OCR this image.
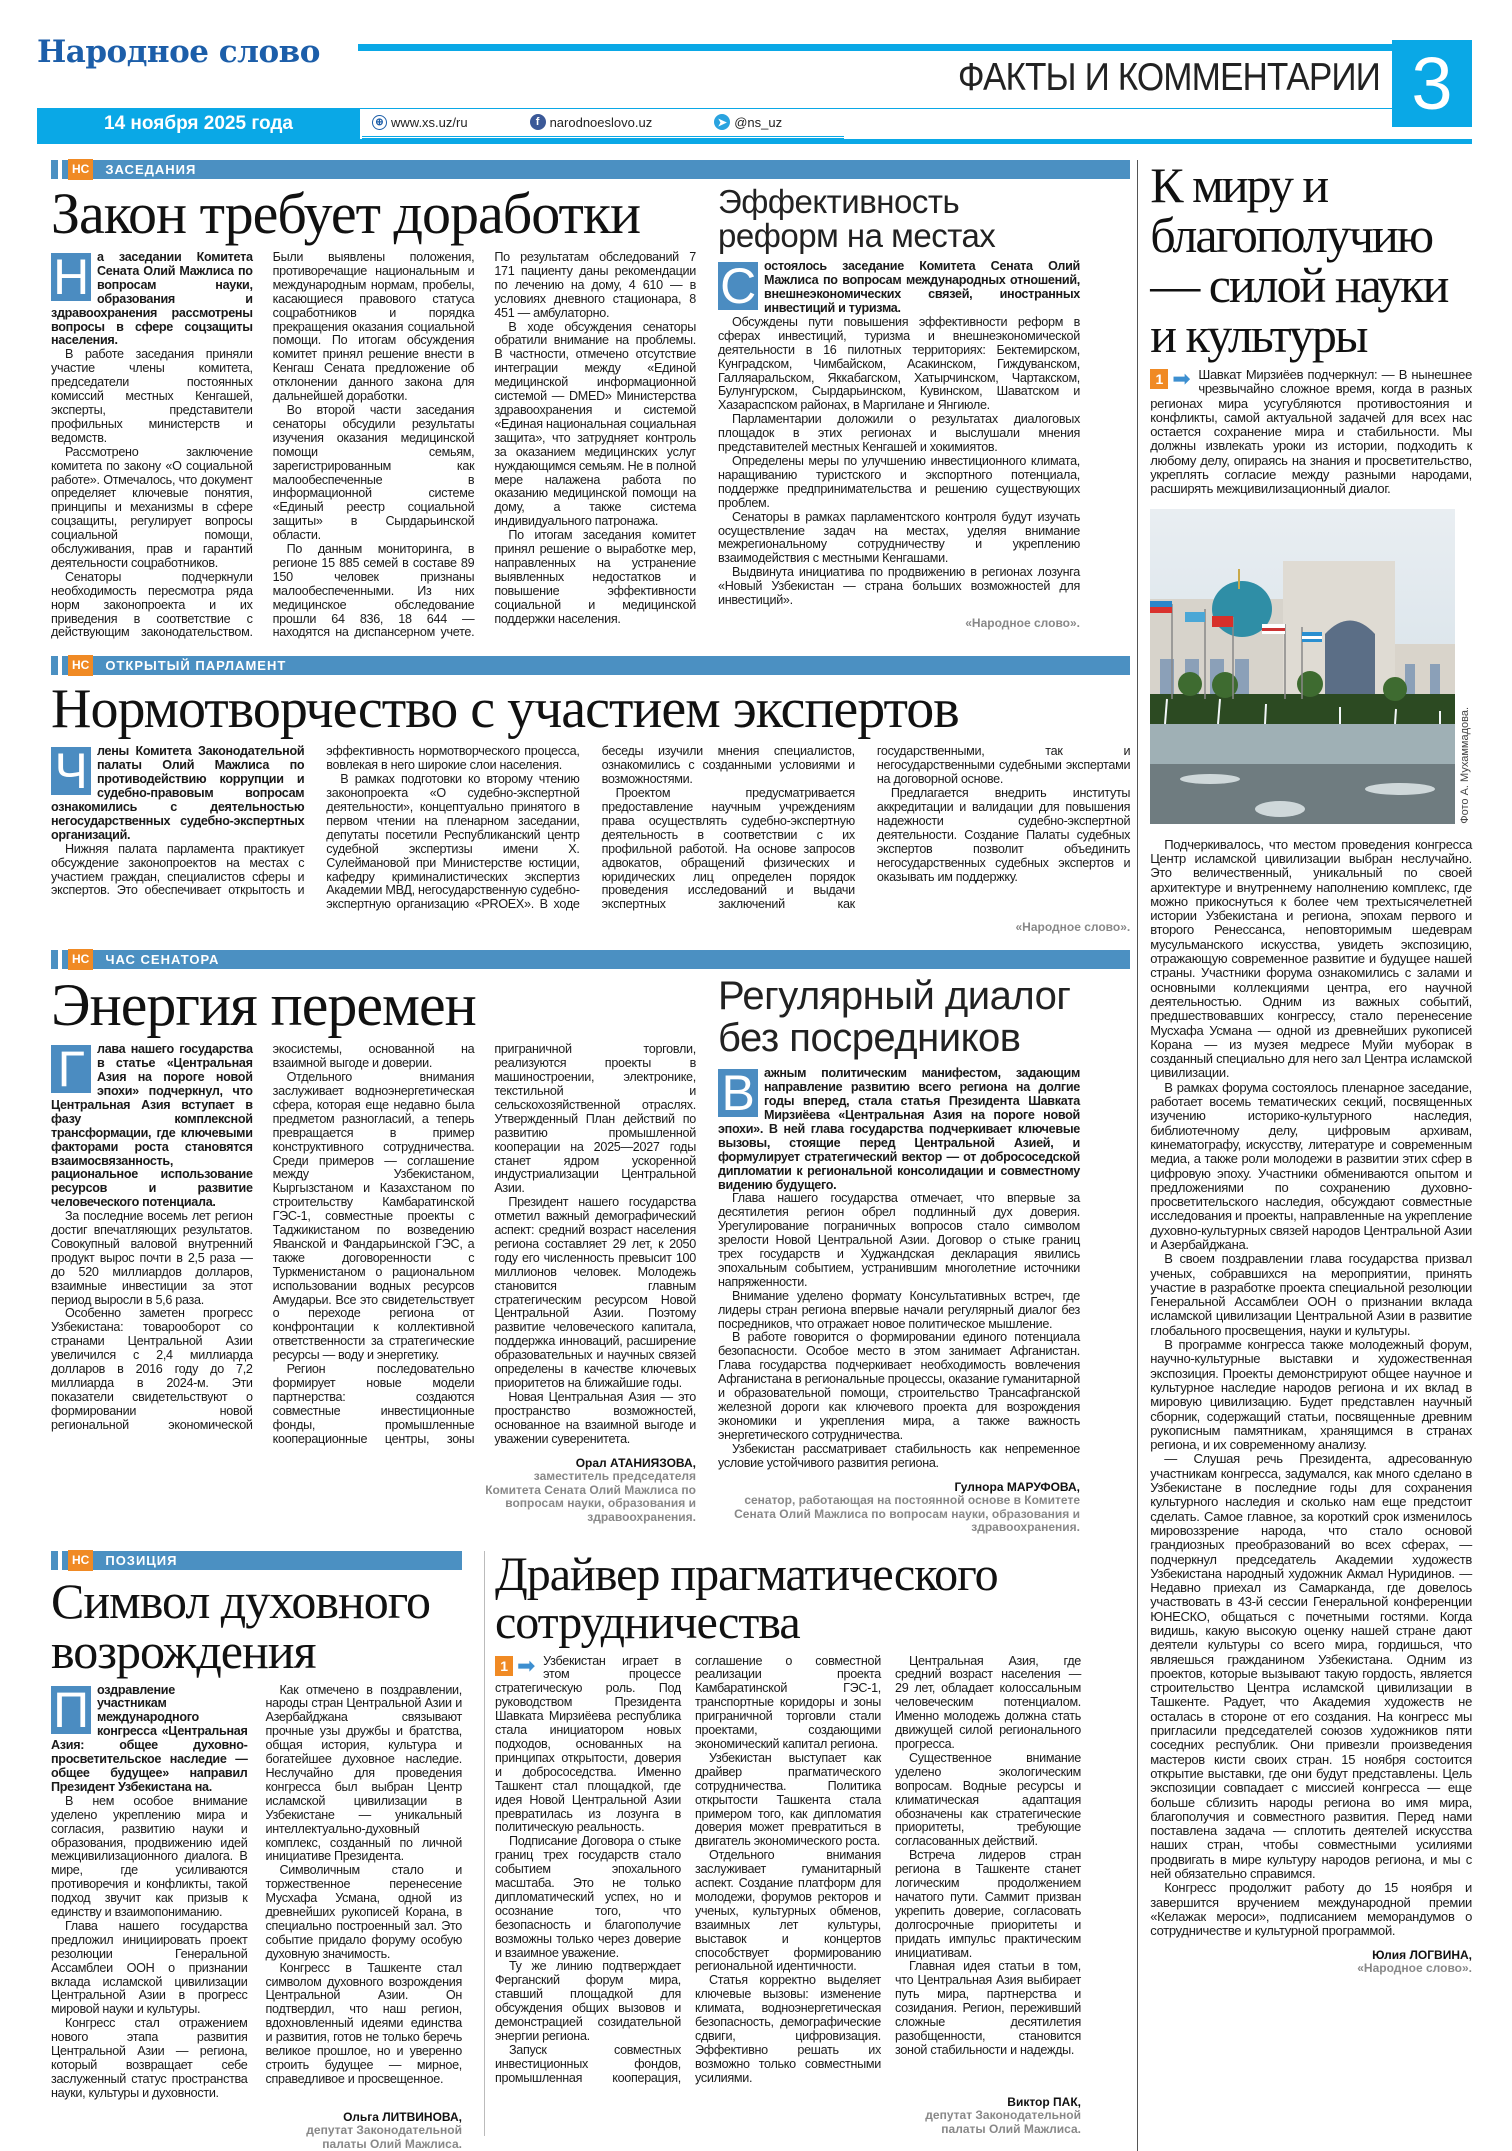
Народное слово
ФАКТЫ И КОММЕНТАРИИ 3
14 ноября 2025 года	⊕ www.xs.uz/ru	f narodnoeslovo.uz	➤ @ns_uz
НС	ЗАСЕДАНИЯ
Закон требует доработки

Н а заседании Комитета Сената Олий Мажлиса по вопросам науки, образования и здравоохранения рассмотрены вопросы в сфере соцзащиты населения.

В работе заседания приняли участие члены комитета, председатели постоянных комиссий местных Кенгашей, эксперты, представители профильных министерств и ведомств.

Рассмотрено заключение комитета по закону «О социальной работе». Отмечалось, что документ определяет ключевые понятия, принципы и механизмы в сфере соцзащиты, регулирует вопросы социальной помощи, обслуживания, прав и гарантий деятельности соцработников.

Сенаторы подчеркнули необходимость пересмотра ряда норм законопроекта и их приведения в соответствие с действующим законодательством. Были выявлены положения, противоречащие национальным и международным нормам, пробелы, касающиеся правового статуса соцработников и порядка прекращения оказания социальной помощи. По итогам обсуждения комитет принял решение внести в Кенгаш Сената предложение об отклонении данного закона для дальнейшей доработки.

Во второй части заседания сенаторы обсудили результаты изучения оказания медицинской помощи семьям, зарегистрированным как малообеспеченные в информационной системе «Единый реестр социальной защиты» в Сырдарьинской области.

По данным мониторинга, в регионе 15 885 семей в составе 89 150 человек признаны малообеспеченными. Из них медицинское обследование прошли 64 836, 18 644 — находятся на диспансерном учете. По результатам обследований 7 171 пациенту даны рекомендации по лечению на дому, 4 610 — в условиях дневного стационара, 8 451 — амбулаторно.

В ходе обсуждения сенаторы обратили внимание на проблемы. В частности, отмечено отсутствие интеграции между «Единой медицинской информационной системой — DMED» Министерства здравоохранения и системой «Единая национальная социальная защита», что затрудняет контроль за оказанием медицинских услуг нуждающимся семьям. Не в полной мере налажена работа по оказанию медицинской помощи на дому, а также система индивидуального патронажа.

По итогам заседания комитет принял решение о выработке мер, направленных на устранение выявленных недостатков и повышение эффективности социальной и медицинской поддержки населения.

Эффективность реформ на местах

С остоялось заседание Комитета Сената Олий Мажлиса по вопросам международных отношений, внешнеэкономических связей, иностранных инвестиций и туризма.

Обсуждены пути повышения эффективности реформ в сферах инвестиций, туризма и внешнеэкономической деятельности в 16 пилотных территориях: Бектемирском, Кунградском, Чимбайском, Асакинском, Гиждуванском, Галляаральском, Яккабагском, Хатырчинском, Чартакском, Булунгурском, Сырдарьинском, Кувинском, Шаватском и Хазараспском районах, в Маргилане и Янгиюле.

Парламентарии доложили о результатах диалоговых площадок в этих регионах и выслушали мнения представителей местных Кенгашей и хокимиятов.

Определены меры по улучшению инвестиционного климата, наращиванию туристского и экспортного потенциала, поддержке предпринимательства и решению существующих проблем.

Сенаторы в рамках парламентского контроля будут изучать осуществление задач на местах, уделяя внимание межрегиональному сотрудничеству и укреплению взаимодействия с местными Кенгашами.

Выдвинута инициатива по продвижению в регионах лозунга «Новый Узбекистан — страна больших возможностей для инвестиций».

«Народное слово».
НС	ОТКРЫТЫЙ ПАРЛАМЕНТ
Нормотворчество с участием экспертов

Ч лены Комитета Законодательной палаты Олий Мажлиса по противодействию коррупции и судебно-правовым вопросам ознакомились с деятельностью негосударственных судебно-экспертных организаций.

Нижняя палата парламента практикует обсуждение законопроектов на местах с участием граждан, специалистов сферы и экспертов. Это обеспечивает открытость и эффективность нормотворческого процесса, вовлекая в него широкие слои населения.

В рамках подготовки ко второму чтению законопроекта «О судебно-экспертной деятельности», концептуально принятого в первом чтении на пленарном заседании, депутаты посетили Республиканский центр судебной экспертизы имени Х. Сулеймановой при Министерстве юстиции, кафедру криминалистических экспертиз Академии МВД, негосударственную судебно-экспертную организацию «PROEX». В ходе беседы изучили мнения специалистов, ознакомились с созданными условиями и возможностями.

Проектом предусматривается предоставление научным учреждениям права осуществлять судебно-экспертную деятельность в соответствии с их профильной работой. На основе запросов адвокатов, обращений физических и юридических лиц определен порядок проведения исследований и выдачи экспертных заключений как государственными, так и негосударственными судебными экспертами на договорной основе.

Предлагается внедрить институты аккредитации и валидации для повышения надежности судебно-экспертной деятельности. Создание Палаты судебных экспертов позволит объединить негосударственных судебных экспертов и оказывать им поддержку.

«Народное слово».
НС	ЧАС СЕНАТОРА
Энергия перемен

Г	лава нашего государства в статье «Центральная Азия на пороге новой эпохи» подчеркнул, что Центральная Азия вступает в фазу комплексной трансформации, где ключевыми факторами роста становятся взаимосвязанность, рациональное использование ресурсов и развитие человеческого потенциала.

За последние восемь лет регион достиг впечатляющих результатов. Совокупный валовой внутренний продукт вырос почти в 2,5 раза — до 520 миллиардов долларов, взаимные инвестиции за этот период выросли в 5,6 раза.

Особенно заметен прогресс Узбекистана: товарооборот со странами Центральной Азии увеличился с 2,4 миллиарда долларов в 2016 году до 7,2 миллиарда в 2024-м. Эти показатели свидетельствуют о формировании новой региональной экономической экосистемы, основанной на взаимной выгоде и доверии.

Отдельного внимания заслуживает водноэнергетическая сфера, которая еще недавно была предметом разногласий, а теперь превращается в пример конструктивного сотрудничества. Среди примеров — соглашение между Узбекистаном, Кыргызстаном и Казахстаном по строительству Камбаратинской ГЭС-1, совместные проекты с Таджикистаном по возведению Яванской и Фандарьинской ГЭС, а также договоренности с Туркменистаном о рациональном использовании водных ресурсов Амударьи. Все это свидетельствует о переходе региона от конфронтации к коллективной ответственности за стратегические ресурсы — воду и энергетику.

Регион последовательно формирует новые модели партнерства: создаются совместные инвестиционные фонды, промышленные кооперационные центры, зоны приграничной торговли, реализуются проекты в машиностроении, электронике, текстильной и сельскохозяйственной отраслях. Утвержденный План действий по развитию промышленной кооперации на 2025—2027 годы станет ядром ускоренной индустриализации Центральной Азии.

Президент нашего государства отметил важный демографический аспект: средний возраст населения региона составляет 29 лет, к 2050 году его численность превысит 100 миллионов человек. Молодежь становится главным стратегическим ресурсом Новой Центральной Азии. Поэтому развитие человеческого капитала, поддержка инноваций, расширение образовательных и научных связей определены в качестве ключевых приоритетов на ближайшие годы.

Новая Центральная Азия — это пространство возможностей, основанное на взаимной выгоде и уважении суверенитета.

Орал АТАНИЯЗОВА,
заместитель председателя Комитета Сената Олий Мажлиса по вопросам науки, образования и здравоохранения.
Регулярный диалог без посредников

В ажным политическим манифестом, задающим направление развитию всего региона на долгие годы вперед, стала статья Президента Шавката Мирзиёева «Центральная Азия на пороге новой эпохи». В ней глава государства подчеркивает ключевые вызовы, стоящие перед Центральной Азией, и формулирует стратегический вектор — от добрососедской дипломатии к региональной консолидации и совместному видению будущего.

Глава нашего государства отмечает, что впервые за десятилетия регион обрел подлинный дух доверия. Урегулирование пограничных вопросов стало символом зрелости Новой Центральной Азии. Договор о стыке границ трех государств и Худжандская декларация явились эпохальным событием, устранившим многолетние источники напряженности.

Внимание уделено формату Консультативных встреч, где лидеры стран региона впервые начали регулярный диалог без посредников, что отражает новое политическое мышление.

В работе говорится о формировании единого потенциала безопасности. Особое место в этом занимает Афганистан. Глава государства подчеркивает необходимость вовлечения Афганистана в региональные процессы, оказание гуманитарной и образовательной помощи, строительство Трансафганской железной дороги как ключевого проекта для возрождения экономики и укрепления мира, а также важность энергетического сотрудничества.

Узбекистан рассматривает стабильность как непременное условие устойчивого развития региона.

Гулнора МАРУФОВА,
сенатор, работающая на постоянной основе в Комитете Сената Олий Мажлиса по вопросам науки, образования и здравоохранения.
НС	ПОЗИЦИЯ
Символ духовного возрождения

П оздравление участникам международного конгресса «Центральная Азия: общее духовно-просветительское наследие — общее будущее» направил Президент Узбекистана на.

В нем особое внимание уделено укреплению мира и согласия, развитию науки и образования, продвижению идей межцивилизационного диалога. В мире, где усиливаются противоречия и конфликты, такой подход звучит как призыв к единству и взаимопониманию.

Глава нашего государства предложил инициировать проект резолюции Генеральной Ассамблеи ООН о признании вклада исламской цивилизации Центральной Азии в прогресс мировой науки и культуры.

Конгресс стал отражением нового этапа развития Центральной Азии — региона, который возвращает себе заслуженный статус пространства науки, культуры и духовности.

Как отмечено в поздравлении, народы стран Центральной Азии и Азербайджана связывают прочные узы дружбы и братства, общая история, культура и богатейшее духовное наследие. Неслучайно для проведения конгресса был выбран Центр исламской цивилизации в Узбекистане — уникальный интеллектуально-духовный комплекс, созданный по личной инициативе Президента.

Символичным стало и торжественное перенесение Мусхафа Усмана, одной из древнейших рукописей Корана, в специально построенный зал. Это событие придало форуму особую духовную значимость.

Конгресс в Ташкенте стал символом духовного возрождения Центральной Азии. Он подтвердил, что наш регион, вдохновленный идеями единства и развития, готов не только беречь великое прошлое, но и уверенно строить будущее — мирное, справедливое и просвещенное.

Ольга ЛИТВИНОВА,
депутат Законодательной палаты Олий Мажлиса.
Драйвер прагматического сотрудничества

1 ➡ Узбекистан играет в этом процессе стратегическую роль. Под руководством Президента Шавката Мирзиёева республика стала инициатором новых подходов, основанных на принципах открытости, доверия и добрососедства. Именно Ташкент стал площадкой, где идея Новой Центральной Азии превратилась из лозунга в политическую реальность.

Подписание Договора о стыке границ трех государств стало событием эпохального масштаба. Это не только дипломатический успех, но и осознание того, что безопасность и благополучие возможны только через доверие и взаимное уважение.

Ту же линию подтверждает Ферганский форум мира, ставший площадкой для обсуждения общих вызовов и демонстрацией созидательной энергии региона.

Запуск совместных инвестиционных фондов, промышленная кооперация, соглашение о совместной реализации проекта Камбаратинской ГЭС-1, транспортные коридоры и зоны приграничной торговли стали проектами, создающими экономический капитал региона.

Узбекистан выступает как драйвер прагматического сотрудничества. Политика открытости Ташкента стала примером того, как дипломатия доверия может превратиться в двигатель экономического роста.

Отдельного внимания заслуживает гуманитарный аспект. Создание платформ для молодежи, форумов ректоров и ученых, культурных обменов, взаимных лет культуры, выставок и концертов способствует формированию региональной идентичности.

Статья корректно выделяет ключевые вызовы: изменение климата, водноэнергетическая безопасность, демографические сдвиги, цифровизация. Эффективно решать их возможно только совместными усилиями.

Центральная Азия, где средний возраст населения — 29 лет, обладает колоссальным человеческим потенциалом. Именно молодежь должна стать движущей силой регионального прогресса.

Существенное внимание уделено экологическим вопросам. Водные ресурсы и климатическая адаптация обозначены как стратегические приоритеты, требующие согласованных действий.

Встреча лидеров стран региона в Ташкенте станет логическим продолжением начатого пути. Саммит призван укрепить доверие, согласовать долгосрочные приоритеты и придать импульс практическим инициативам.

Главная идея статьи в том, что Центральная Азия выбирает путь мира, партнерства и созидания. Регион, переживший сложные десятилетия разобщенности, становится зоной стабильности и надежды.

Виктор ПАК,
депутат Законодательной палаты Олий Мажлиса.
К миру и благополучию — силой науки и культуры

1 ➡ Шавкат Мирзиёев подчеркнул: — В нынешнее чрезвычайно сложное время, когда в разных регионах мира усугубляются противостояния и конфликты, самой актуальной задачей для всех нас остается сохранение мира и стабильности. Мы должны извлекать уроки из истории, подходить к любому делу, опираясь на знания и просветительство, укреплять согласие между разными народами, расширять межцивилизационный диалог.

Фото А. Мухаммадова.

Подчеркивалось, что местом проведения конгресса Центр исламской цивилизации выбран неслучайно. Это величественный, уникальный по своей архитектуре и внутреннему наполнению комплекс, где можно прикоснуться к более чем трехтысячелетней истории Узбекистана и региона, эпохам первого и второго Ренессанса, неповторимым шедеврам мусульманского искусства, увидеть экспозицию, отражающую современное развитие и будущее нашей страны. Участники форума ознакомились с залами и основными коллекциями центра, его научной деятельностью. Одним из важных событий, предшествовавших конгрессу, стало перенесение Мусхафа Усмана — одной из древнейших рукописей Корана — из музея медресе Муйи муборак в созданный специально для него зал Центра исламской цивилизации.

В рамках форума состоялось пленарное заседание, работает восемь тематических секций, посвященных изучению историко-культурного наследия, библиотечному делу, цифровым архивам, кинематографу, искусству, литературе и современным медиа, а также роли молодежи в развитии этих сфер в цифровую эпоху. Участники обмениваются опытом и предложениями по сохранению духовно-просветительского наследия, обсуждают совместные исследования и проекты, направленные на укрепление духовно-культурных связей народов Центральной Азии и Азербайджана.

В своем поздравлении глава государства призвал ученых, собравшихся на мероприятии, принять участие в разработке проекта специальной резолюции Генеральной Ассамблеи ООН о признании вклада исламской цивилизации Центральной Азии в развитие глобального просвещения, науки и культуры.

В программе конгресса также молодежный форум, научно-культурные выставки и художественная экспозиция. Проекты демонстрируют общее научное и культурное наследие народов региона и их вклад в мировую цивилизацию. Будет представлен научный сборник, содержащий статьи, посвященные древним рукописным памятникам, хранящимся в странах региона, и их современному анализу.

— Слушая речь Президента, адресованную участникам конгресса, задумался, как много сделано в Узбекистане в последние годы для сохранения культурного наследия и сколько нам еще предстоит сделать. Самое главное, за короткий срок изменилось мировоззрение народа, что стало основой грандиозных преобразований во всех сферах, — подчеркнул председатель Академии художеств Узбекистана народный художник Акмал Нуридинов. — Недавно приехал из Самарканда, где довелось участвовать в 43-й сессии Генеральной конференции ЮНЕСКО, общаться с почетными гостями. Когда видишь, какую высокую оценку нашей стране дают деятели культуры со всего мира, гордишься, что являешься гражданином Узбекистана. Одним из проектов, которые вызывают такую гордость, является строительство Центра исламской цивилизации в Ташкенте. Радует, что Академия художеств не осталась в стороне от его создания. На конгресс мы пригласили председателей союзов художников пяти соседних республик. Они привезли произведения мастеров кисти своих стран. 15 ноября состоится открытие выставки, где они будут представлены. Цель экспозиции совпадает с миссией конгресса — еще больше сблизить народы региона во имя мира, благополучия и совместного развития. Перед нами поставлена задача — сплотить деятелей искусства наших стран, чтобы совместными усилиями продвигать в мире культуру народов региона, и мы с ней обязательно справимся.

Конгресс продолжит работу до 15 ноября и завершится вручением международной премии «Келажак мероси», подписанием меморандумов о сотрудничестве и культурной программой.

Юлия ЛОГВИНА,
«Народное слово».
